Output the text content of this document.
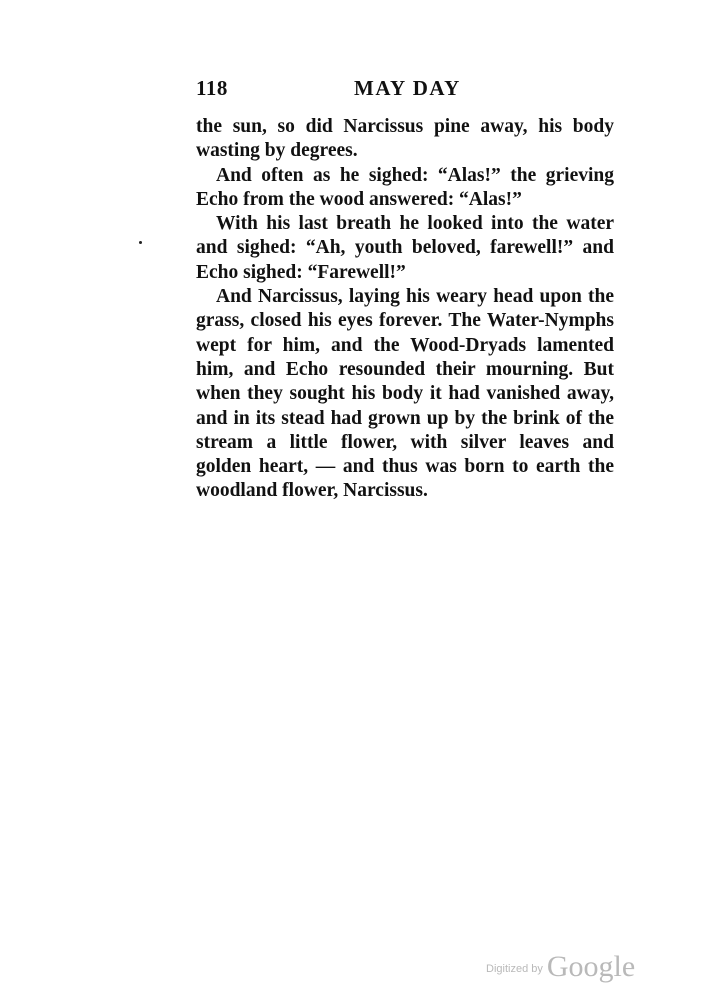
118	MAY DAY
the sun, so did Narcissus pine away, his body
wasting by degrees.
And often as he sighed: “Alas!” the grieving
Echo from the wood answered: “Alas!”
With his last breath he looked into the water
and sighed: “Ah, youth beloved, farewell!” and
Echo sighed: “Farewell!”
And Narcissus, laying his weary head upon the
grass, closed his eyes forever. The Water-Nymphs
wept for him, and the Wood-Dryads lamented
him, and Echo resounded their mourning. But
when they sought his body it had vanished away,
and in its stead had grown up by the brink of the
stream a little flower, with silver leaves and
golden heart, — and thus was born to earth the
woodland flower, Narcissus.
Digitized by Google
